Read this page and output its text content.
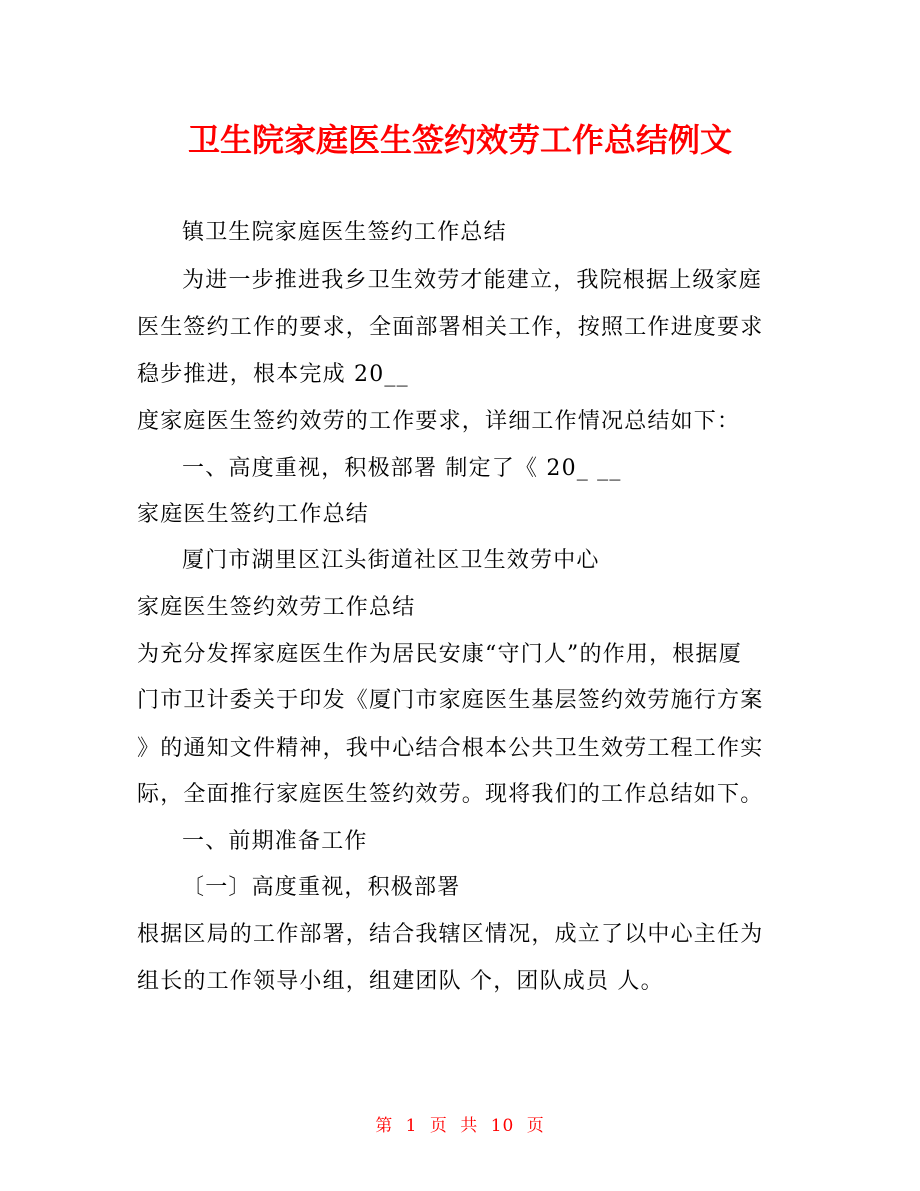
卫生院家庭医生签约效劳工作总结例文
镇卫生院家庭医生签约工作总结
为进一步推进我乡卫生效劳才能建立，我院根据上级家庭
医生签约工作的要求，全面部署相关工作，按照工作进度要求
稳步推进，根本完成 20__
度家庭医生签约效劳的工作要求，详细工作情况总结如下：
一、高度重视，积极部署 制定了《 20_ __
家庭医生签约工作总结
厦门市湖里区江头街道社区卫生效劳中心
家庭医生签约效劳工作总结
为充分发挥家庭医生作为居民安康“守门人”的作用，根据厦
门市卫计委关于印发《厦门市家庭医生基层签约效劳施行方案
》的通知文件精神，我中心结合根本公共卫生效劳工程工作实
际，全面推行家庭医生签约效劳。现将我们的工作总结如下。
一、前期准备工作
〔一〕高度重视，积极部署
根据区局的工作部署，结合我辖区情况，成立了以中心主任为
组长的工作领导小组，组建团队 个，团队成员 人。
第 1 页 共 10 页
